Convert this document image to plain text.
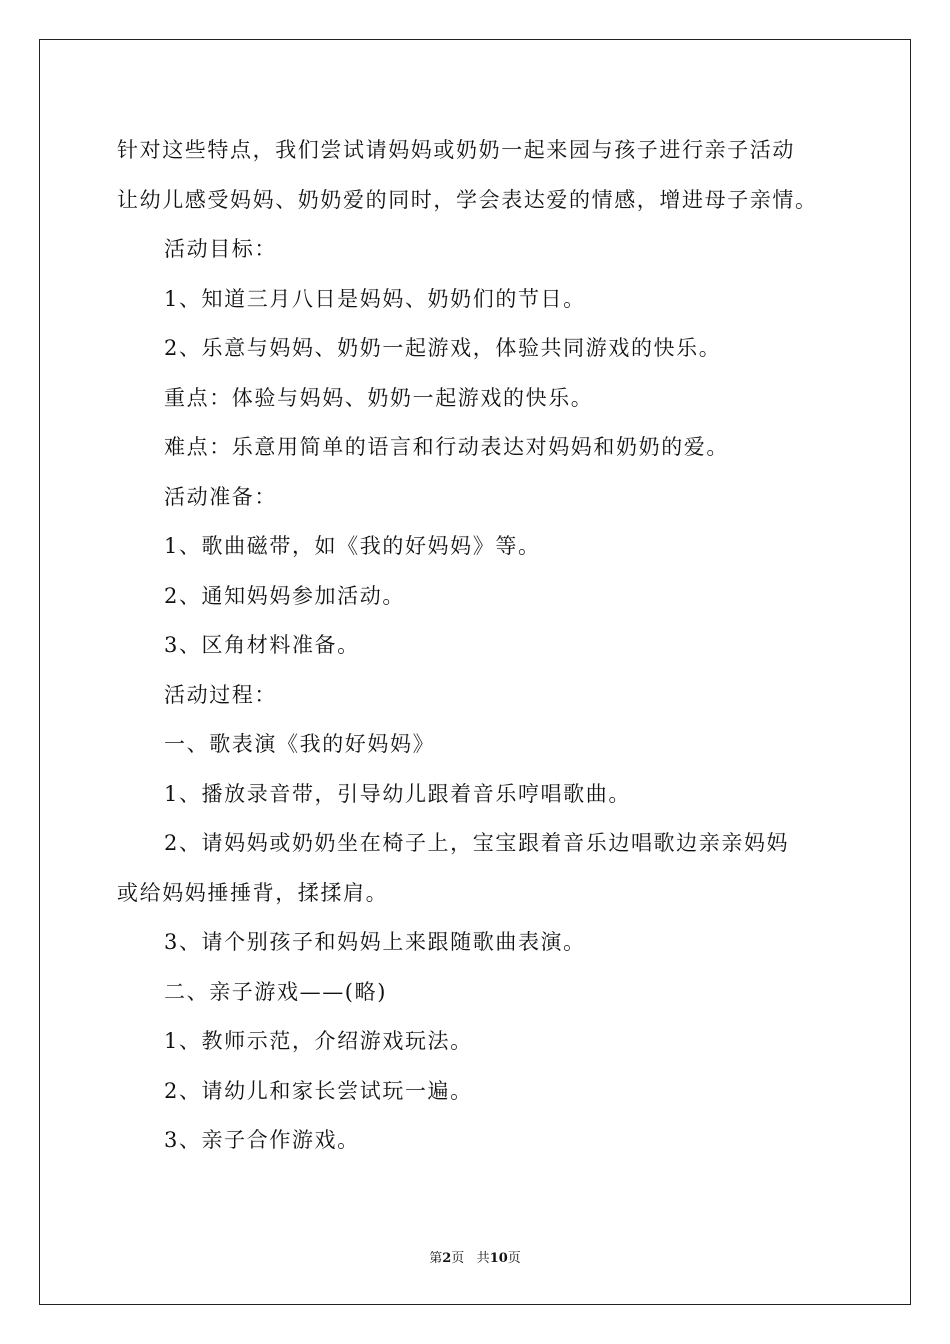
针对这些特点，我们尝试请妈妈或奶奶一起来园与孩子进行亲子活动

让幼儿感受妈妈、奶奶爱的同时，学会表达爱的情感，增进母子亲情。

活动目标：

1、知道三月八日是妈妈、奶奶们的节日。

2、乐意与妈妈、奶奶一起游戏，体验共同游戏的快乐。

重点：体验与妈妈、奶奶一起游戏的快乐。

难点：乐意用简单的语言和行动表达对妈妈和奶奶的爱。

活动准备：

1、歌曲磁带，如《我的好妈妈》等。

2、通知妈妈参加活动。

3、区角材料准备。

活动过程：

一、歌表演《我的好妈妈》

1、播放录音带，引导幼儿跟着音乐哼唱歌曲。

2、请妈妈或奶奶坐在椅子上，宝宝跟着音乐边唱歌边亲亲妈妈

或给妈妈捶捶背，揉揉肩。

3、请个别孩子和妈妈上来跟随歌曲表演。

二、亲子游戏——(略)

1、教师示范，介绍游戏玩法。

2、请幼儿和家长尝试玩一遍。

3、亲子合作游戏。

第2页 共10页
